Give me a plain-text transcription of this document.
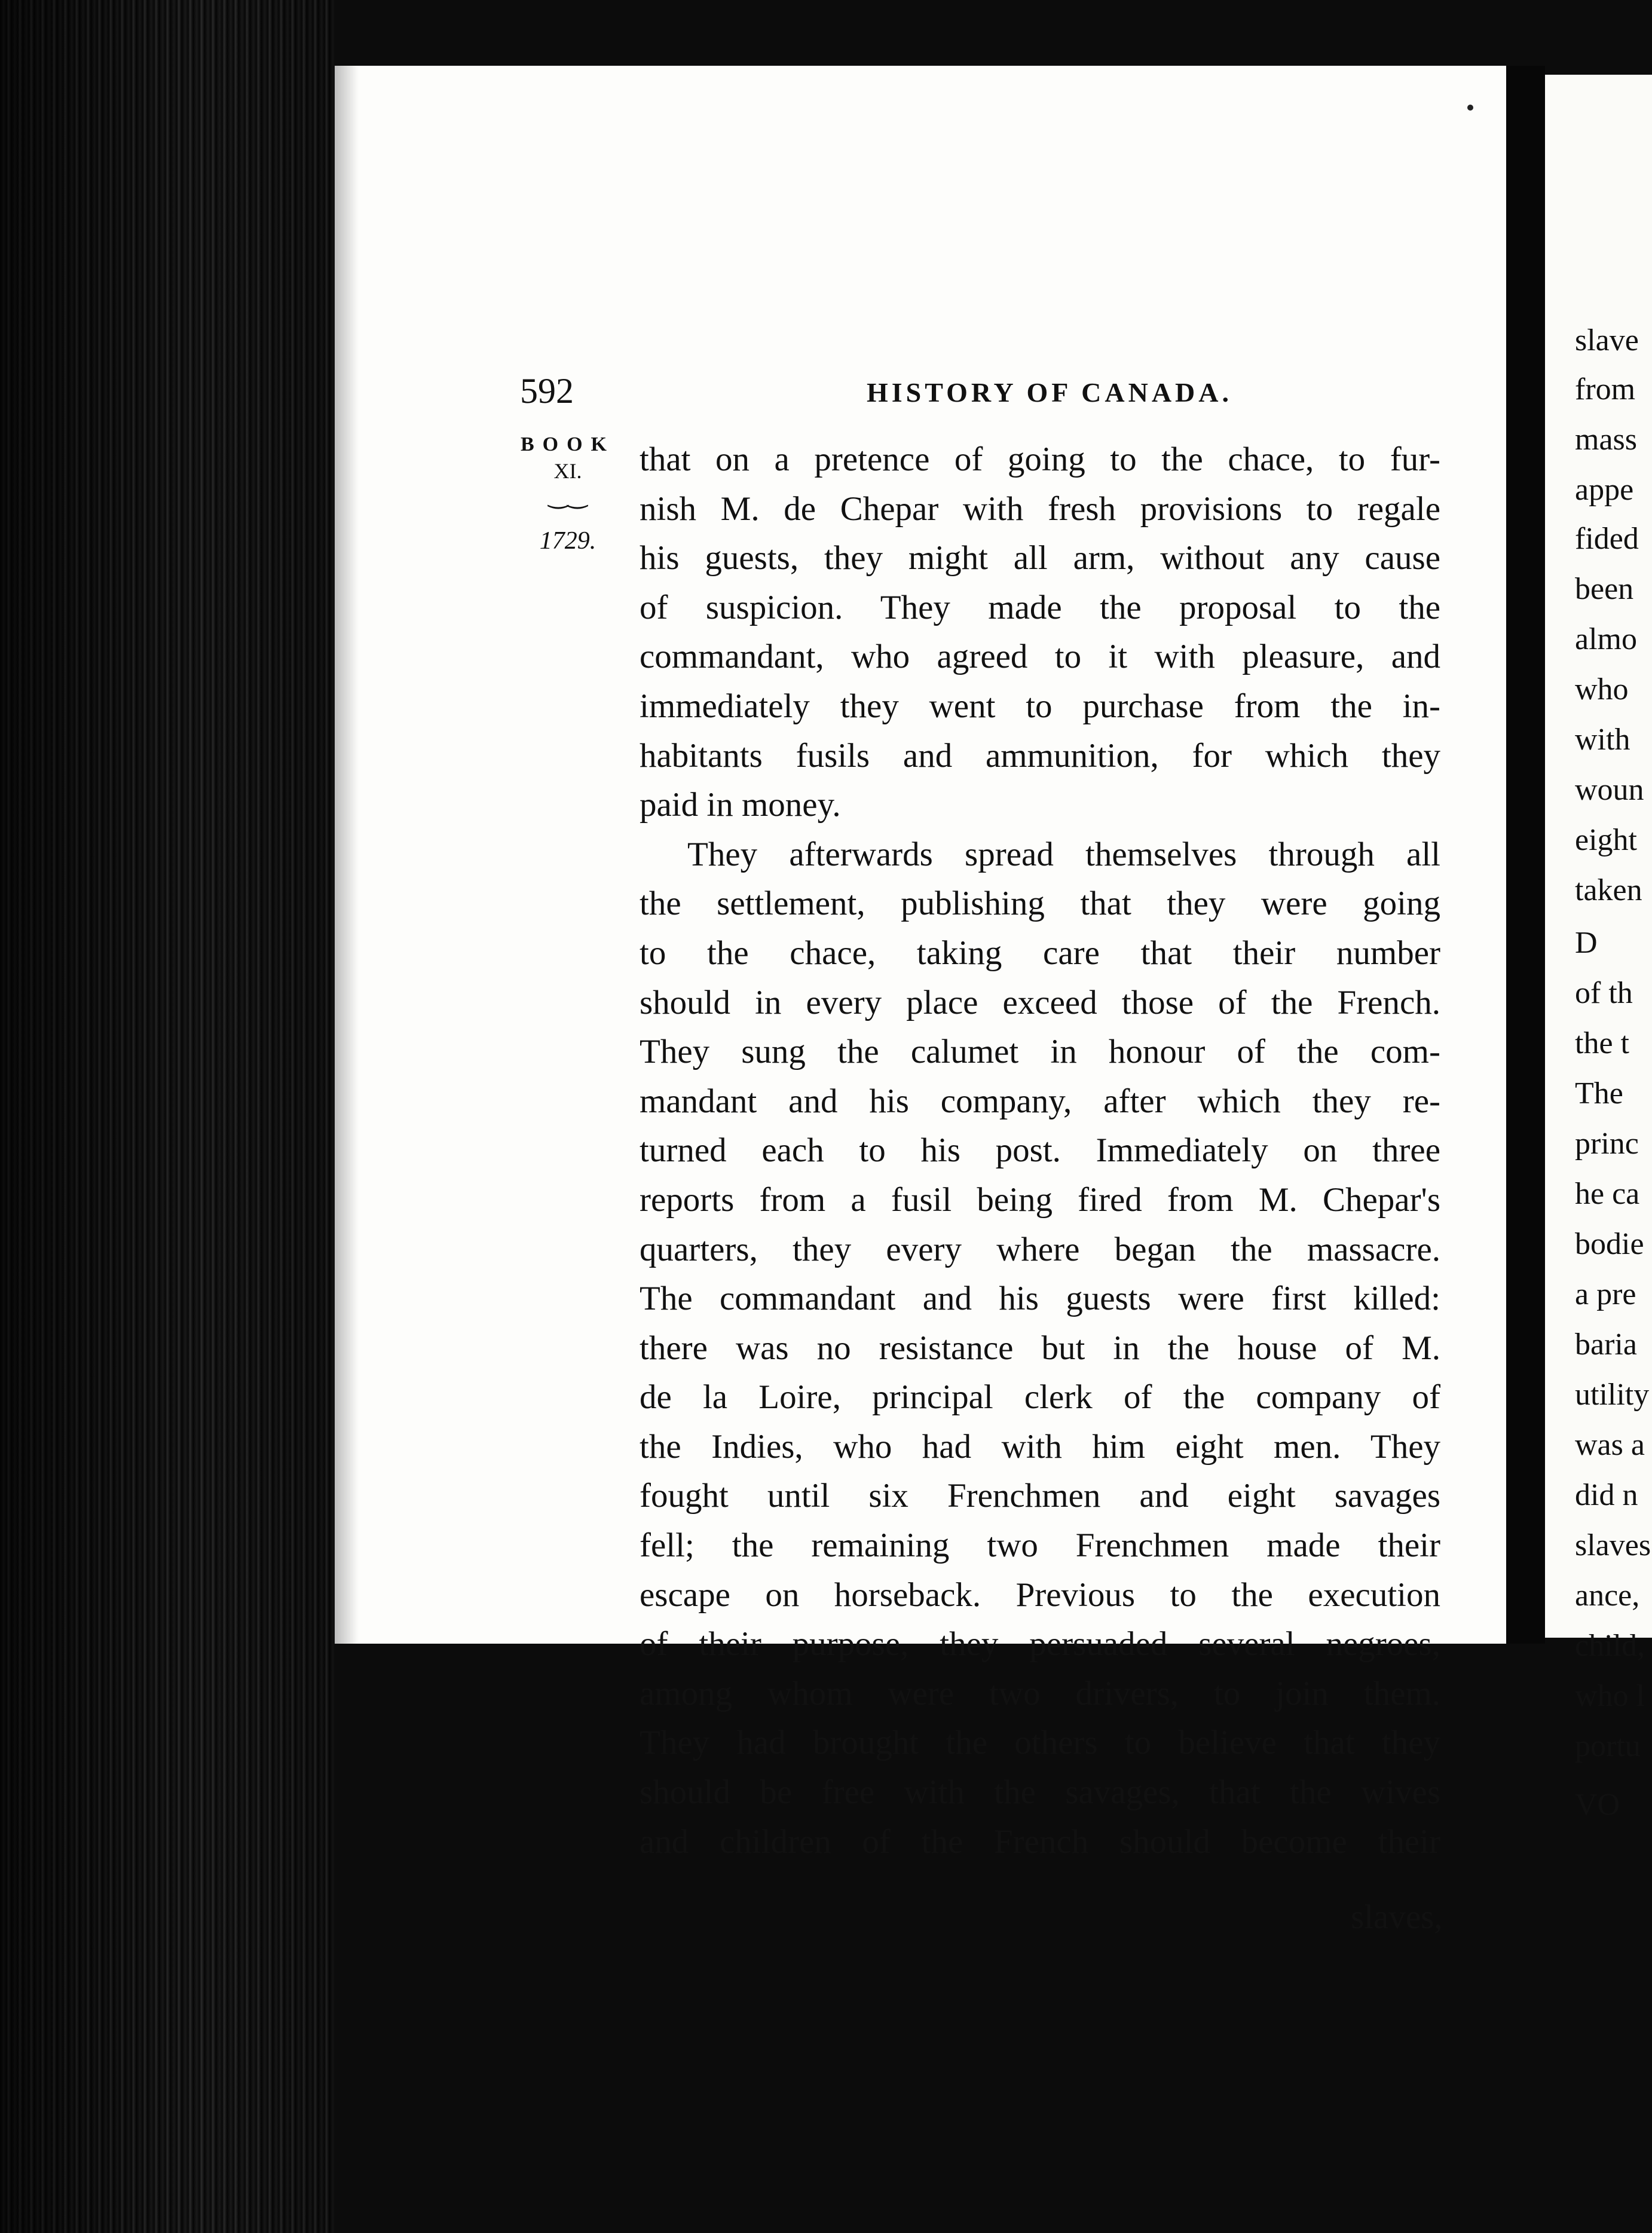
592	HISTORY OF CANADA.
BOOK
XI.
‿‿
1729.
that on a pretence of going to the chace, to fur-
nish M. de Chepar with fresh provisions to regale
his guests, they might all arm, without any cause
of suspicion. They made the proposal to the
commandant, who agreed to it with pleasure, and
immediately they went to purchase from the in-
habitants fusils and ammunition, for which they
paid in money.
They afterwards spread themselves through all
the settlement, publishing that they were going
to the chace, taking care that their number
should in every place exceed those of the French.
They sung the calumet in honour of the com-
mandant and his company, after which they re-
turned each to his post. Immediately on three
reports from a fusil being fired from M. Chepar's
quarters, they every where began the massacre.
The commandant and his guests were first killed:
there was no resistance but in the house of M.
de la Loire, principal clerk of the company of
the Indies, who had with him eight men. They
fought until six Frenchmen and eight savages
fell; the remaining two Frenchmen made their
escape on horseback. Previous to the execution
of their purpose, they persuaded several negroes,
among whom were two drivers, to join them.
They had brought the others to believe that they
should be free with the savages, that the wives
and children of the French should become their
slaves,
slave
from
mass
appe
fided
been
almo
who
with
woun
eight
taken
D
of th
the t
The
princ
he ca
bodie
a pre
baria
utility
was a
did n
slaves
ance,
child,
who l
portu
VO
